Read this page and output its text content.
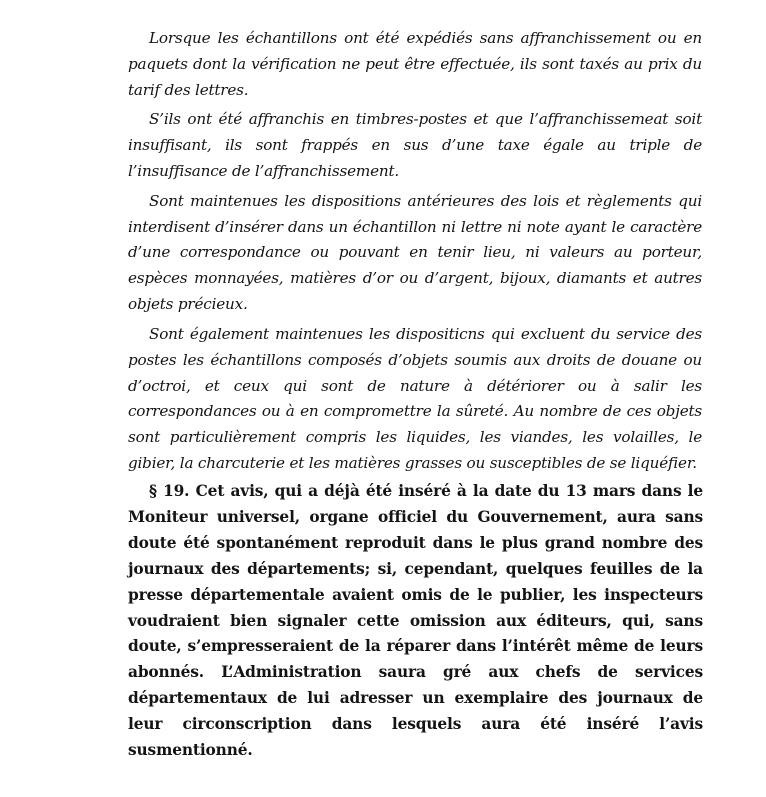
Lorsque les échantillons ont été expédiés sans affranchissement ou en paquets dont la vérification ne peut être effectuée, ils sont taxés au prix du tarif des lettres.

S’ils ont été affranchis en timbres-postes et que l’affranchissemeat soit insuffisant, ils sont frappés en sus d’une taxe égale au triple de l’insuffisance de l’affranchissement.

Sont maintenues les dispositions antérieures des lois et règlements qui interdisent d’insérer dans un échantillon ni lettre ni note ayant le caractère d’une correspondance ou pouvant en tenir lieu, ni valeurs au porteur, espèces monnayées, matières d’or ou d’argent, bijoux, diamants et autres objets précieux.

Sont également maintenues les dispositicns qui excluent du service des postes les échantillons composés d’objets soumis aux droits de douane ou d’octroi, et ceux qui sont de nature à détériorer ou à salir les correspondances ou à en compromettre la sûreté. Au nombre de ces objets sont particulièrement compris les liquides, les viandes, les volailles, le gibier, la charcuterie et les matières grasses ou susceptibles de se liquéfier.

§ 19. Cet avis, qui a déjà été inséré à la date du 13 mars dans le Moniteur universel, organe officiel du Gouvernement, aura sans doute été spontanément reproduit dans le plus grand nombre des journaux des départements; si, cependant, quelques feuilles de la presse départementale avaient omis de le publier, les inspecteurs voudraient bien signaler cette omission aux éditeurs, qui, sans doute, s’empresseraient de la réparer dans l’intérêt même de leurs abonnés. L’Administration saura gré aux chefs de services départementaux de lui adresser un exemplaire des journaux de leur circonscription dans lesquels aura été inséré l’avis susmentionné.
